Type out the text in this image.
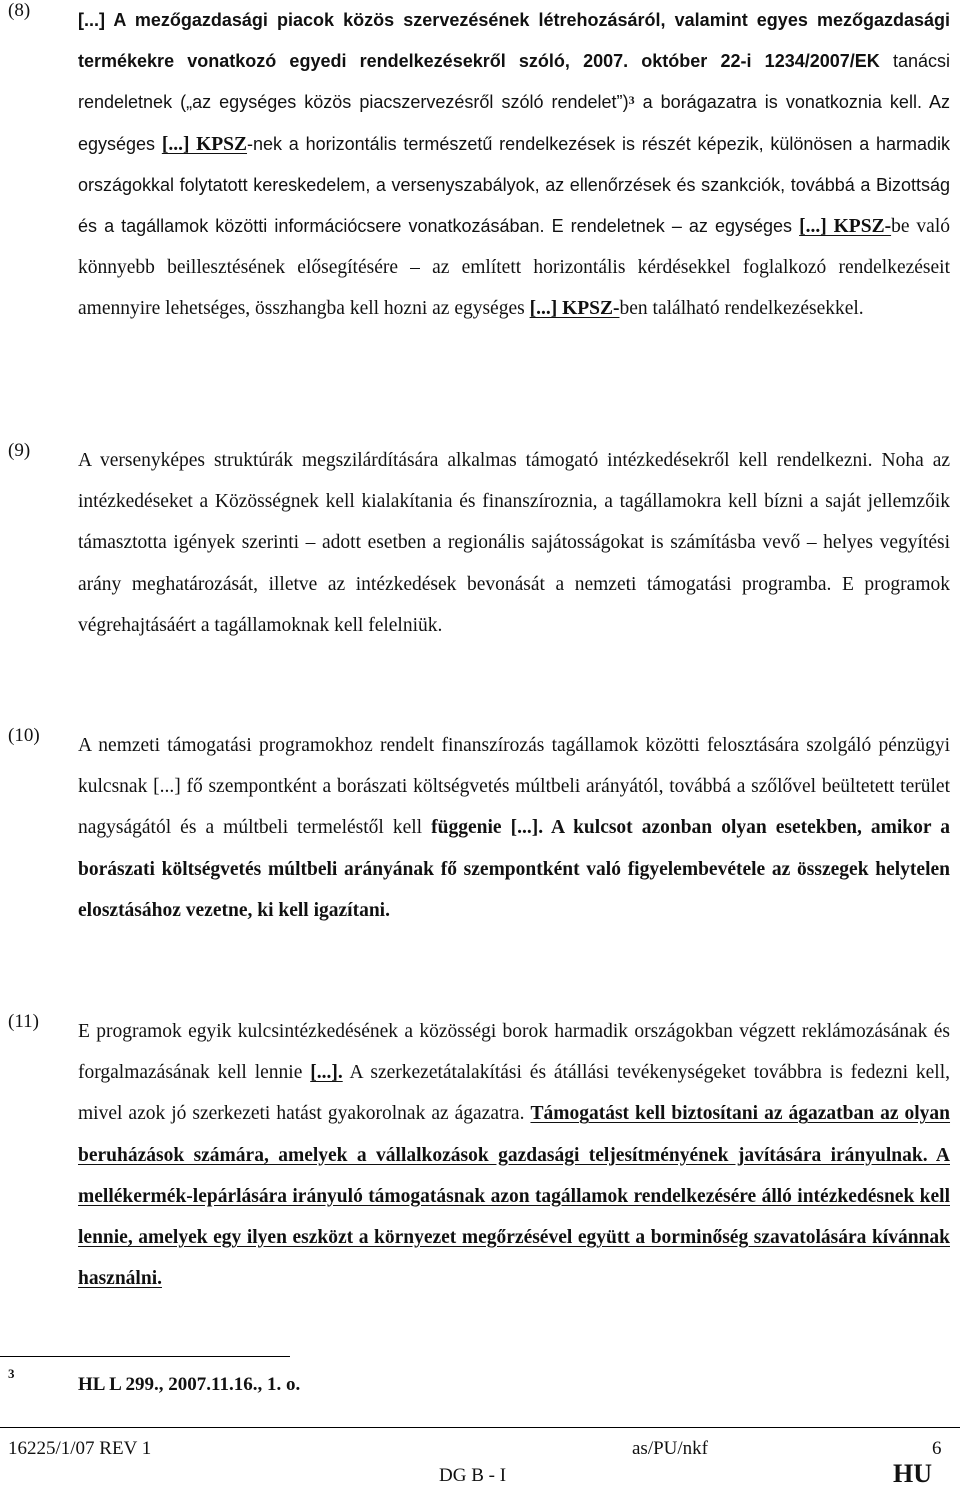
(8)	[...] A mezőgazdasági piacok közös szervezésének létrehozásáról, valamint egyes mezőgazdasági termékekre vonatkozó egyedi rendelkezésekről szóló, 2007. október 22-i 1234/2007/EK tanácsi rendeletnek („az egységes közös piacszervezésről szóló rendelet”)$^3$ a borágazatra is vonatkoznia kell. Az egységes [...] KPSZ-nek a horizontális természetű rendelkezések is részét képezik, különösen a harmadik országokkal folytatott kereskedelem, a versenyszabályok, az ellenőrzések és szankciók, továbbá a Bizottság és a tagállamok közötti információcsere vonatkozásában. E rendeletnek – az egységes [...] KPSZ-be való könnyebb beillesztésének elősegítésére – az említett horizontális kérdésekkel foglalkozó rendelkezéseit amennyire lehetséges, összhangba kell hozni az egységes [...] KPSZ-ben található rendelkezésekkel.
(9) A versenyképes struktúrák megszilárdítására alkalmas támogató intézkedésekről kell rendelkezni. Noha az intézkedéseket a Közösségnek kell kialakítania és finanszíroznia, a tagállamokra kell bízni a saját jellemzőik támasztotta igények szerinti – adott esetben a regionális sajátosságokat is számításba vevő – helyes vegyítési arány meghatározását, illetve az intézkedések bevonását a nemzeti támogatási programba. E programok végrehajtásáért a tagállamoknak kell felelniük.
(10) A nemzeti támogatási programokhoz rendelt finanszírozás tagállamok közötti felosztására szolgáló pénzügyi kulcsnak [...] fő szempontként a borászati költségvetés múltbeli arányától, továbbá a szőlővel beültetett terület nagyságától és a múltbeli termeléstől kell függenie [...]. A kulcsot azonban olyan esetekben, amikor a borászati költségvetés múltbeli arányának fő szempontként való figyelembevétele az összegek helytelen elosztásához vezetne, ki kell igazítani.
(11) E programok egyik kulcsintézkedésének a közösségi borok harmadik országokban végzett reklámozásának és forgalmazásának kell lennie [...]. A szerkezetátalakítási és átállási tevékenységeket továbbra is fedezni kell, mivel azok jó szerkezeti hatást gyakorolnak az ágazatra. Támogatást kell biztosítani az ágazatban az olyan beruházások számára, amelyek a vállalkozások gazdasági teljesítményének javítására irányulnak. A mellékermék-lepárlására irányuló támogatásnak azon tagállamok rendelkezésére álló intézkedésnek kell lennie, amelyek egy ilyen eszközt a környezet megőrzésével együtt a borminőség szavatolására kívánnak használni.
3
HL L 299., 2007.11.16., 1. o.
16225/1/07 REV 1	as/PU/nkf	6
DG B - I	HU
